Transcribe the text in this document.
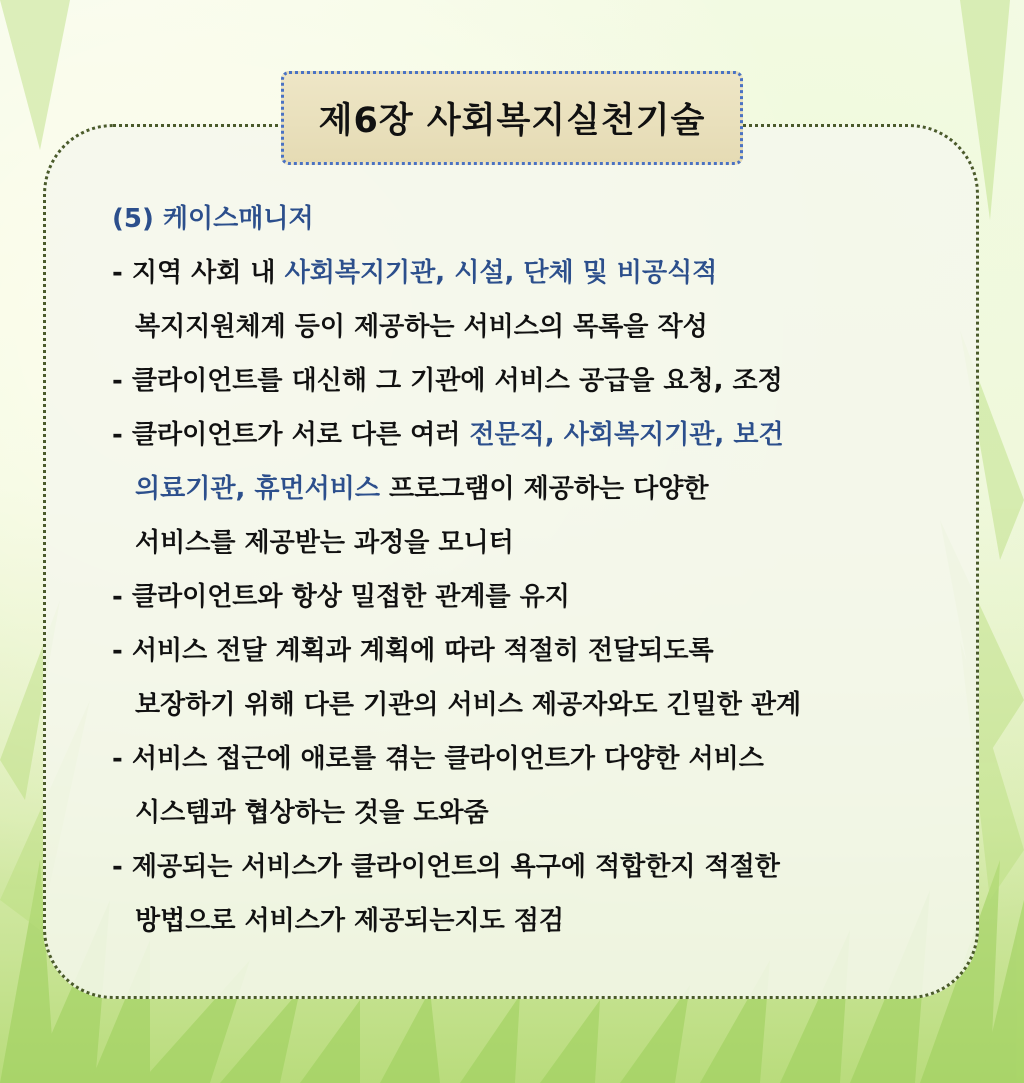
제6장 사회복지실천기술
(5) 케이스매니저
- 지역 사회 내 사회복지기관, 시설, 단체 및 비공식적
복지지원체계 등이 제공하는 서비스의 목록을 작성
- 클라이언트를 대신해 그 기관에 서비스 공급을 요청, 조정
- 클라이언트가 서로 다른 여러 전문직, 사회복지기관, 보건
의료기관, 휴먼서비스 프로그램이 제공하는 다양한
서비스를 제공받는 과정을 모니터
- 클라이언트와 항상 밀접한 관계를 유지
- 서비스 전달 계획과 계획에 따라 적절히 전달되도록
보장하기 위해 다른 기관의 서비스 제공자와도 긴밀한 관계
- 서비스 접근에 애로를 겪는 클라이언트가 다양한 서비스
시스템과 협상하는 것을 도와줌
- 제공되는 서비스가 클라이언트의 욕구에 적합한지 적절한
방법으로 서비스가 제공되는지도 점검
